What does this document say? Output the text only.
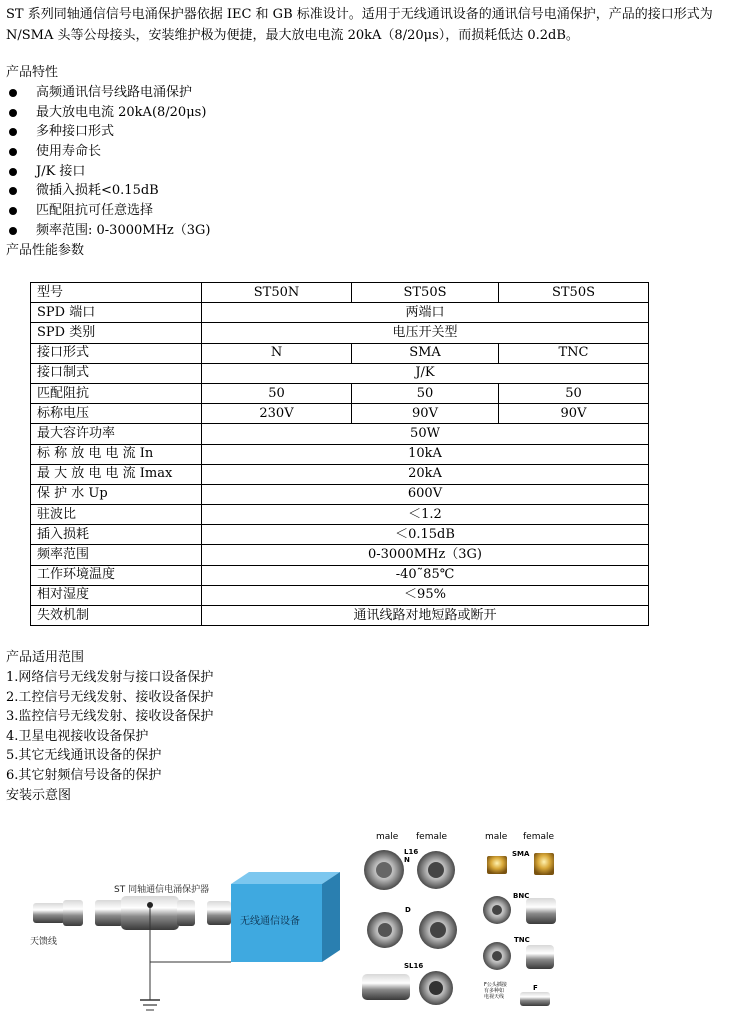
ST 系列同轴通信信号电涌保护器依据 IEC 和 GB 标准设计。适用于无线通讯设备的通讯信号电涌保护，产品的接口形式为 N/SMA 头等公母接头，安装维护极为便捷，最大放电电流 20kA（8/20μs），而损耗低达 0.2dB。
产品特性
高频通讯信号线路电涌保护
最大放电电流 20kA(8/20μs)
多种接口形式
使用寿命长
J/K 接口
微插入损耗<0.15dB
匹配阻抗可任意选择
频率范围: 0-3000MHz（3G)
产品性能参数
型号	ST50N	ST50S	ST50S
SPD 端口	两端口		
SPD 类别	电压开关型		
接口形式	N	SMA	TNC
接口制式	J/K		
匹配阻抗	50	50	50
标称电压	230V	90V	90V
最大容许功率	50W		
标 称 放 电 电 流 In	10kA		
最 大 放 电 电 流 Imax	20kA		
保 护 水 Up	600V		
驻波比	＜1.2		
插入损耗	＜0.15dB		
频率范围	0-3000MHz（3G)		
工作环境温度	-40˜85℃		
相对湿度	＜95%		
失效机制	通讯线路对地短路或断开		
产品适用范围
1.网络信号无线发射与接口设备保护
2.工控信号无线发射、接收设备保护
3.监控信号无线发射、接收设备保护
4.卫星电视接收设备保护
5.其它无线通讯设备的保护
6.其它射频信号设备的保护
安装示意图
天馈线
ST 同轴通信电涌保护器
无线通信设备
male female	male female
L16
N
D
SL16
SMA
BNC
TNC
F
F公头插接
有多种如
电视天线
